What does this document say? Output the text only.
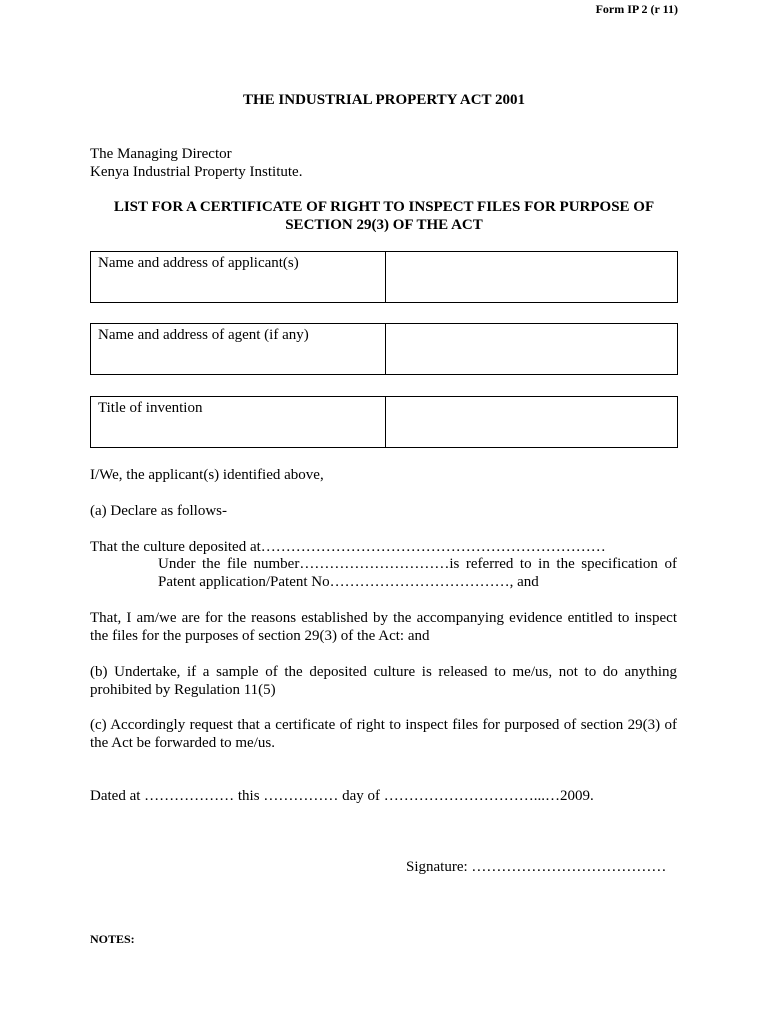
Form IP 2 (r 11)
THE INDUSTRIAL PROPERTY ACT 2001
The Managing Director
Kenya Industrial Property Institute.
LIST FOR A CERTIFICATE OF RIGHT TO INSPECT FILES FOR PURPOSE OF
SECTION 29(3) OF THE ACT
Name and address of applicant(s)
Name and address of agent (if any)
Title of invention
I/We, the applicant(s) identified above,
(a) Declare as follows-
That the culture deposited at……………………………………………………………
Under the file number…………………………is referred to in the specification of Patent application/Patent No………………………………, and
That, I am/we are for the reasons established by the accompanying evidence entitled to inspect the files for the purposes of section 29(3) of the Act: and
(b) Undertake, if a sample of the deposited culture is released to me/us, not to do anything prohibited by Regulation 11(5)
(c) Accordingly request that a certificate of right to inspect files for purposed of section 29(3) of the Act be forwarded to me/us.
Dated at ……………… this …………… day of …………………………...…2009.
Signature: …………………………………
NOTES:
